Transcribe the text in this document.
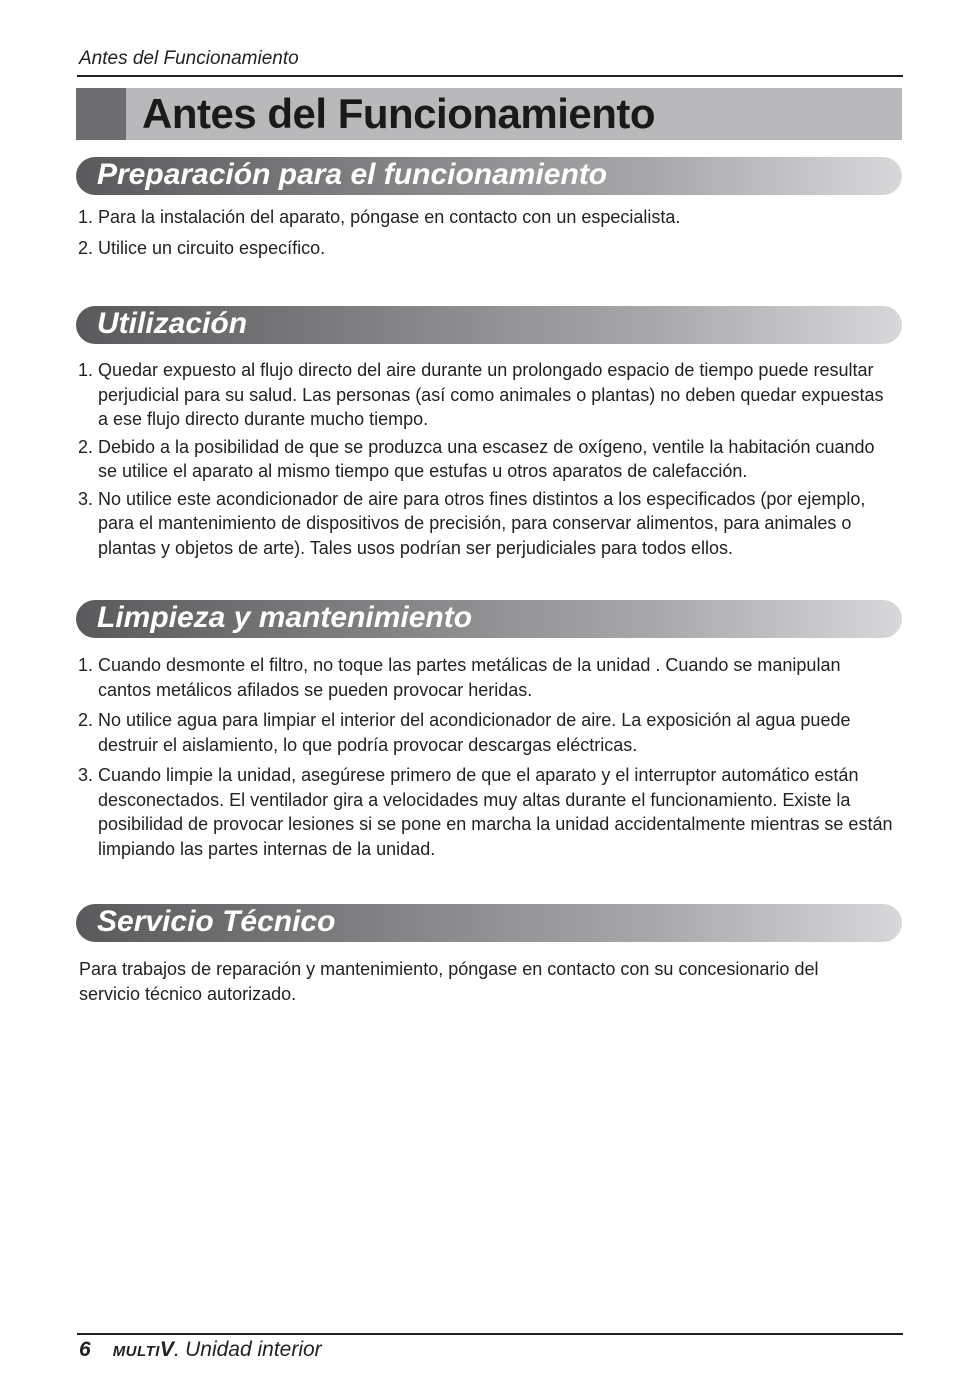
Antes del Funcionamiento
Antes del Funcionamiento
Preparación para el funcionamiento
1. Para la instalación del aparato, póngase en contacto con un especialista.
2. Utilice un circuito específico.
Utilización
1. Quedar expuesto al flujo directo del aire durante un prolongado espacio de tiempo puede resultar perjudicial para su salud. Las personas (así como animales o plantas) no deben quedar expuestas a ese flujo directo durante mucho tiempo.
2. Debido a la posibilidad de que se produzca una escasez de oxígeno, ventile la habitación cuando se utilice el aparato al mismo tiempo que estufas u otros aparatos de calefacción.
3. No utilice este acondicionador de aire para otros fines distintos a los especificados (por ejemplo, para el mantenimiento de dispositivos de precisión, para conservar alimentos, para animales o plantas y objetos de arte). Tales usos podrían ser perjudiciales para todos ellos.
Limpieza y mantenimiento
1. Cuando desmonte el filtro, no toque las partes metálicas de la unidad . Cuando se manipulan cantos metálicos afilados se pueden provocar heridas.
2. No utilice agua para limpiar el interior del acondicionador de aire. La exposición al agua puede destruir el aislamiento, lo que podría provocar descargas eléctricas.
3. Cuando limpie la unidad, asegúrese primero de que el aparato y el interruptor automático están desconectados. El ventilador gira a velocidades muy altas durante el funcionamiento. Existe la posibilidad de provocar lesiones si se pone en marcha la unidad accidentalmente mientras se están limpiando las partes internas de la unidad.
Servicio Técnico

Para trabajos de reparación y mantenimiento, póngase en contacto con su concesionario del servicio técnico autorizado.

6 MULTIV. Unidad interior
